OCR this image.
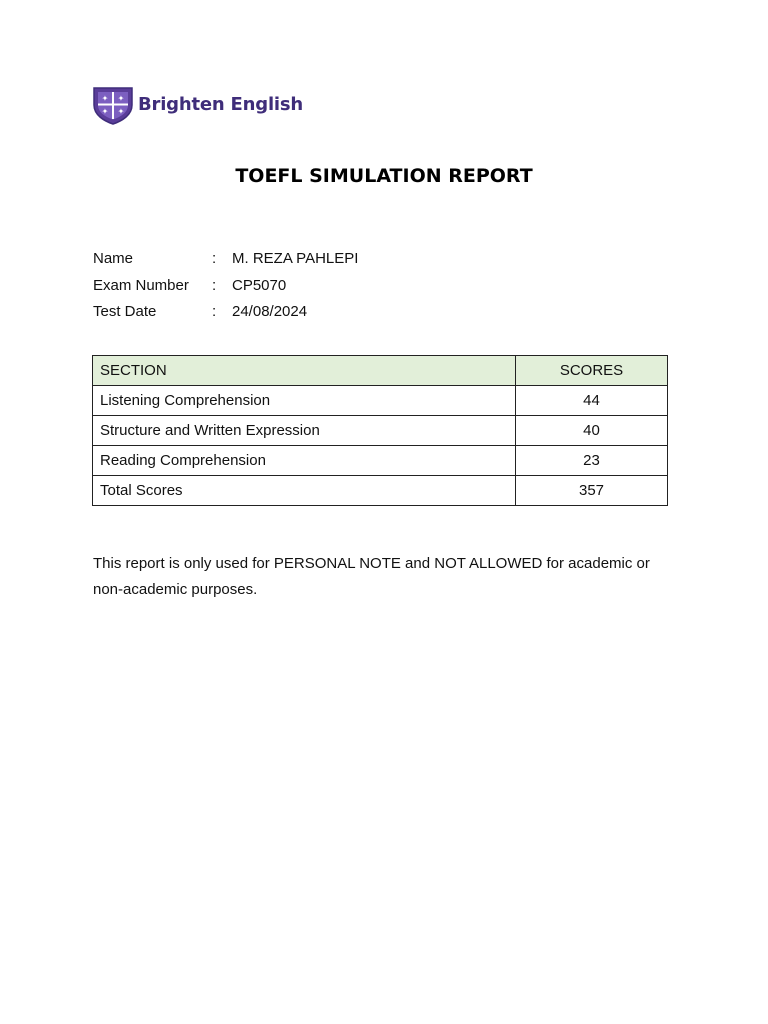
✦ ✦
✦ ✦ Brighten English
TOEFL SIMULATION REPORT
Name	:	M. REZA PAHLEPI
Exam Number	:	CP5070
Test Date	:	24/08/2024
SECTION	SCORES
Listening Comprehension	44
Structure and Written Expression	40
Reading Comprehension	23
Total Scores	357

This report is only used for PERSONAL NOTE and NOT ALLOWED for academic or non-academic purposes.
